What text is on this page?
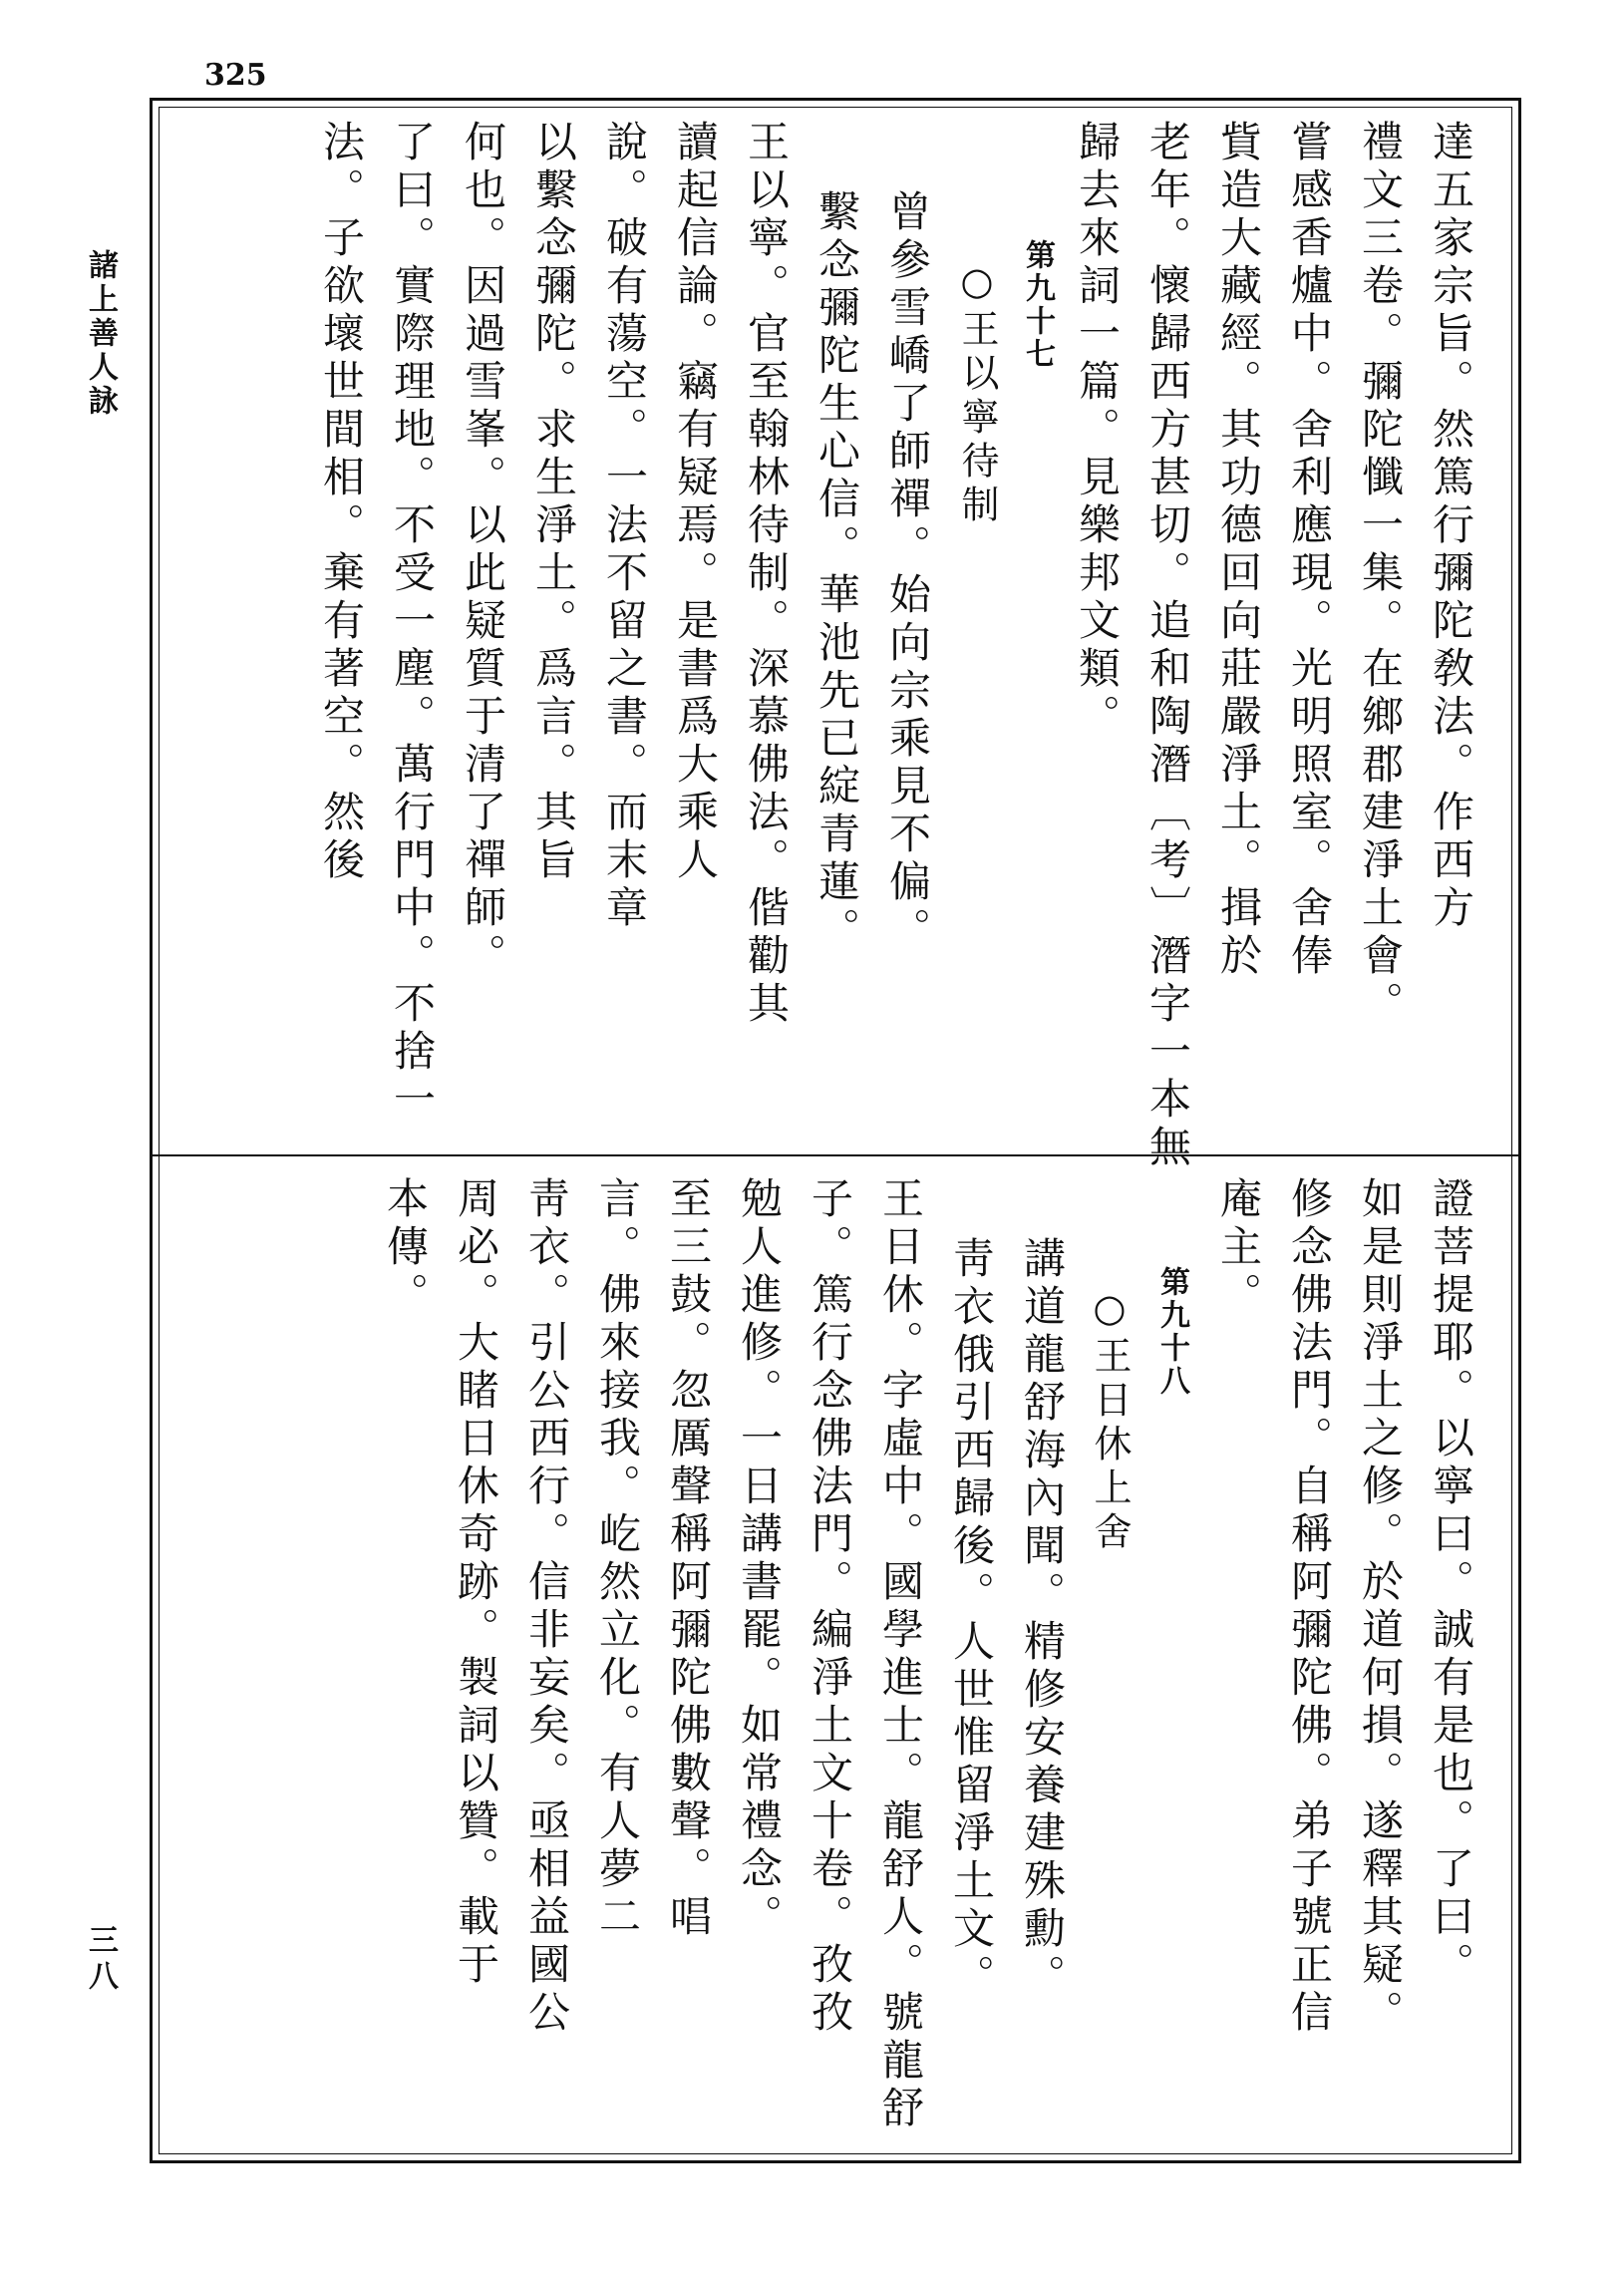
325
諸上善人詠
三八
達五家宗旨。然篤行彌陀敎法。作西方
禮文三卷。彌陀懺一集。在鄉郡建淨土會。
嘗感香爐中。舍利應現。光明照室。舍俸
貲造大藏經。其功德回向莊嚴淨土。揖於
老年。懷歸西方甚切。追和陶潛〔考〕潛字一本無
歸去來詞一篇。見樂邦文類。
第九十七
○王以寧待制
曾參雪嶠了師禪。始向宗乘見不偏。
繫念彌陀生心信。華池先已綻青蓮。
王以寧。官至翰林待制。深慕佛法。偕勸其
讀起信論。竊有疑焉。是書爲大乘人
說。破有蕩空。一法不留之書。而末章
以繫念彌陀。求生淨土。爲言。其旨
何也。因過雪峯。以此疑質于清了禪師。
了曰。實際理地。不受一塵。萬行門中。不捨一
法。子欲壞世間相。棄有著空。然後
證菩提耶。以寧曰。誠有是也。了曰。
如是則淨土之修。於道何損。遂釋其疑。
修念佛法門。自稱阿彌陀佛。弟子號正信
庵主。
第九十八
○王日休上舍
講道龍舒海內聞。精修安養建殊勳。
靑衣俄引西歸後。人世惟留淨土文。
王日休。字虛中。國學進士。龍舒人。號龍舒
子。篤行念佛法門。編淨土文十卷。孜孜
勉人進修。一日講書罷。如常禮念。
至三鼓。忽厲聲稱阿彌陀佛數聲。唱
言。佛來接我。屹然立化。有人夢二
靑衣。引公西行。信非妄矣。亟相益國公
周必。大睹日休奇跡。製詞以贊。載于
本傳。
